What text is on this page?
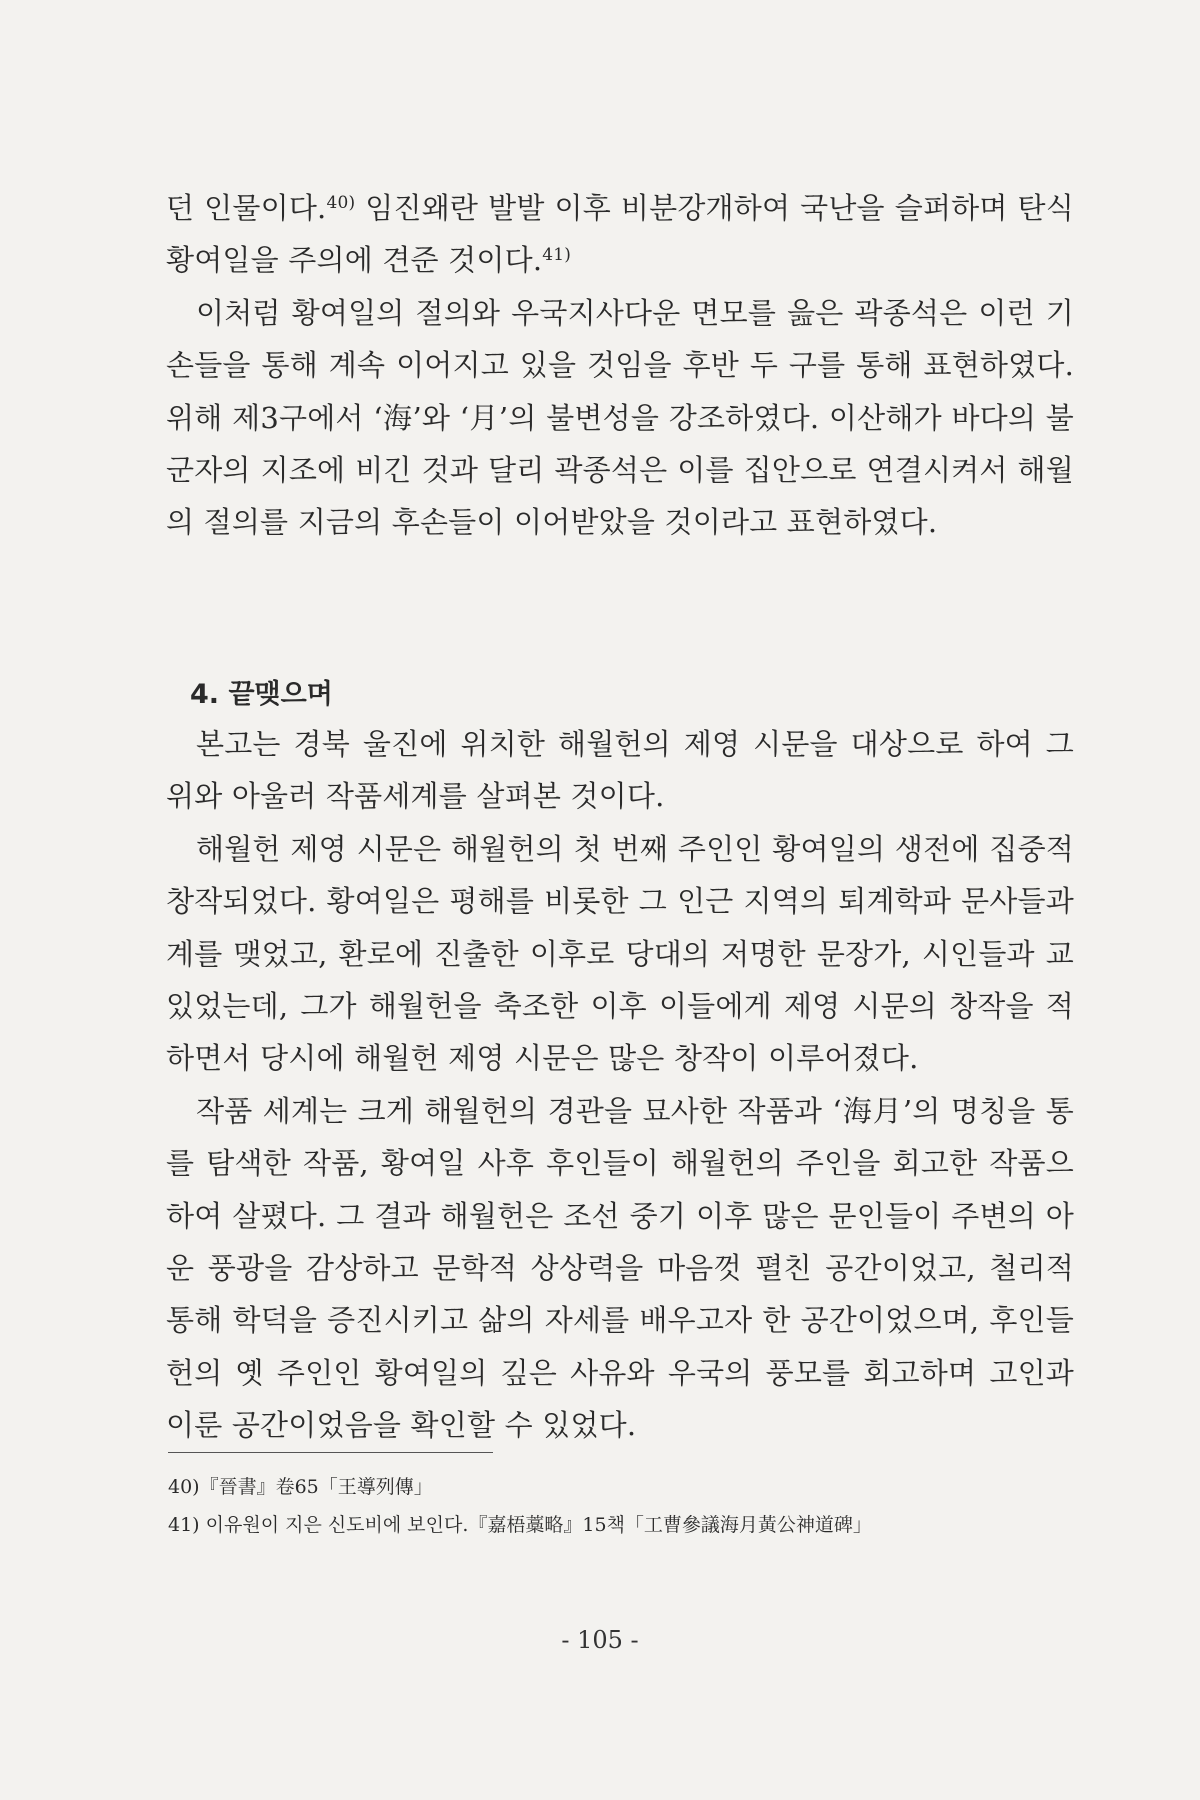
던 인물이다.$^{40)}$ 임진왜란 발발 이후 비분강개하여 국난을 슬퍼하며 탄식
황여일을 주의에 견준 것이다.$^{41)}$
이처럼 황여일의 절의와 우국지사다운 면모를 읊은 곽종석은 이런 기
손들을 통해 계속 이어지고 있을 것임을 후반 두 구를 통해 표현하였다.
위해 제3구에서 ‘海’와 ‘月’의 불변성을 강조하였다. 이산해가 바다의 불
군자의 지조에 비긴 것과 달리 곽종석은 이를 집안으로 연결시켜서 해월
의 절의를 지금의 후손들이 이어받았을 것이라고 표현하였다.
4. 끝맺으며
본고는 경북 울진에 위치한 해월헌의 제영 시문을 대상으로 하여 그
위와 아울러 작품세계를 살펴본 것이다.
해월헌 제영 시문은 해월헌의 첫 번째 주인인 황여일의 생전에 집중적
창작되었다. 황여일은 평해를 비롯한 그 인근 지역의 퇴계학파 문사들과
계를 맺었고, 환로에 진출한 이후로 당대의 저명한 문장가, 시인들과 교
있었는데, 그가 해월헌을 축조한 이후 이들에게 제영 시문의 창작을 적
하면서 당시에 해월헌 제영 시문은 많은 창작이 이루어졌다.
작품 세계는 크게 해월헌의 경관을 묘사한 작품과 ‘海月’의 명칭을 통
를 탐색한 작품, 황여일 사후 후인들이 해월헌의 주인을 회고한 작품으
하여 살폈다. 그 결과 해월헌은 조선 중기 이후 많은 문인들이 주변의 아
운 풍광을 감상하고 문학적 상상력을 마음껏 펼친 공간이었고, 철리적
통해 학덕을 증진시키고 삶의 자세를 배우고자 한 공간이었으며, 후인들
헌의 옛 주인인 황여일의 깊은 사유와 우국의 풍모를 회고하며 고인과
이룬 공간이었음을 확인할 수 있었다.
40)『晉書』卷65「王導列傳」
41) 이유원이 지은 신도비에 보인다.『嘉梧藁略』15책「工曹參議海月黃公神道碑」
- 105 -
